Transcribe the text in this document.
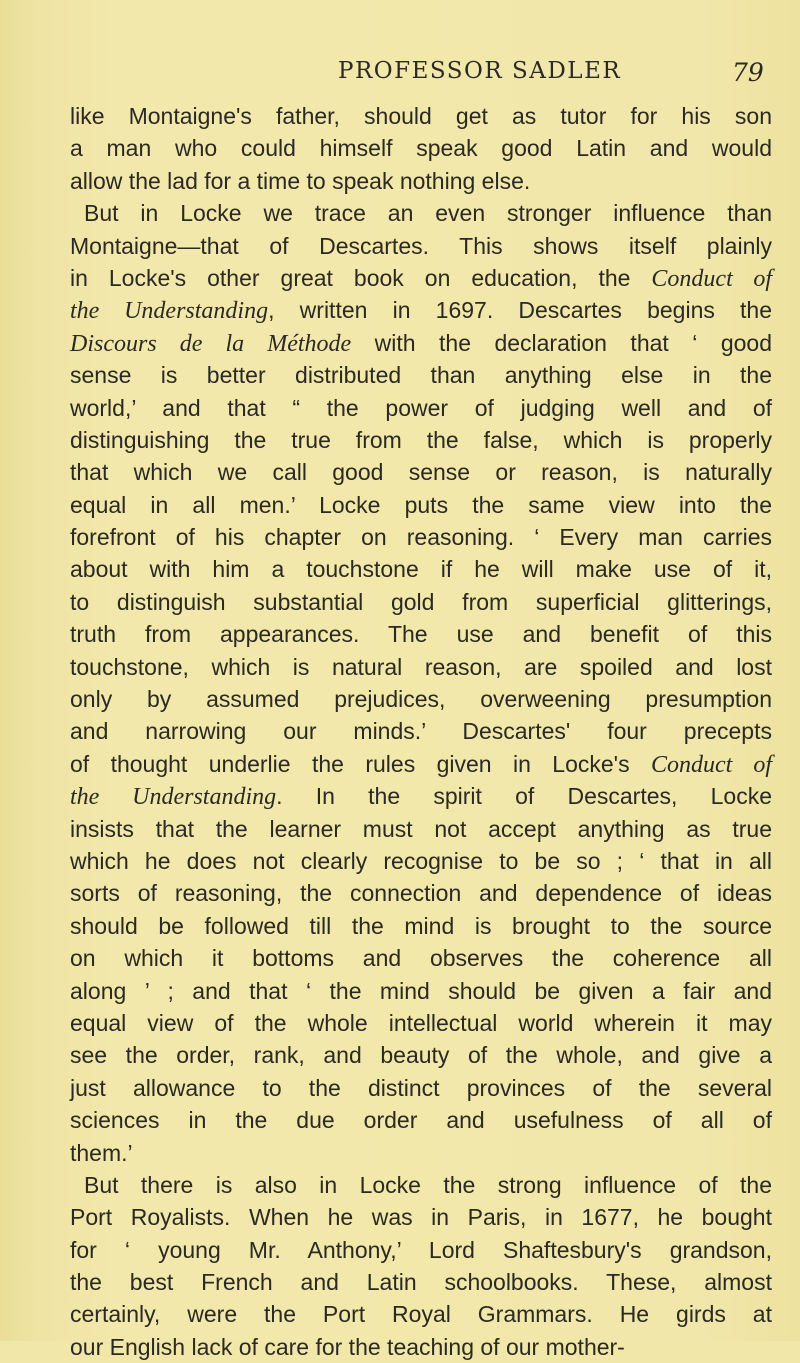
PROFESSOR SADLER	79
like Montaigne's father, should get as tutor for his son
a man who could himself speak good Latin and would
allow the lad for a time to speak nothing else.
But in Locke we trace an even stronger influence than
Montaigne—that of Descartes. This shows itself plainly
in Locke's other great book on education, the Conduct of
the Understanding, written in 1697. Descartes begins the
Discours de la Méthode with the declaration that ‘ good
sense is better distributed than anything else in the
world,’ and that “ the power of judging well and of
distinguishing the true from the false, which is properly
that which we call good sense or reason, is naturally
equal in all men.’ Locke puts the same view into the
forefront of his chapter on reasoning. ‘ Every man carries
about with him a touchstone if he will make use of it,
to distinguish substantial gold from superficial glitterings,
truth from appearances. The use and benefit of this
touchstone, which is natural reason, are spoiled and lost
only by assumed prejudices, overweening presumption
and narrowing our minds.’ Descartes' four precepts
of thought underlie the rules given in Locke's Conduct of
the Understanding. In the spirit of Descartes, Locke
insists that the learner must not accept anything as true
which he does not clearly recognise to be so ; ‘ that in all
sorts of reasoning, the connection and dependence of ideas
should be followed till the mind is brought to the source
on which it bottoms and observes the coherence all
along ’ ; and that ‘ the mind should be given a fair and
equal view of the whole intellectual world wherein it may
see the order, rank, and beauty of the whole, and give a
just allowance to the distinct provinces of the several
sciences in the due order and usefulness of all of
them.’
But there is also in Locke the strong influence of the
Port Royalists. When he was in Paris, in 1677, he bought
for ‘ young Mr. Anthony,’ Lord Shaftesbury's grandson,
the best French and Latin schoolbooks. These, almost
certainly, were the Port Royal Grammars. He girds at
our English lack of care for the teaching of our mother-
